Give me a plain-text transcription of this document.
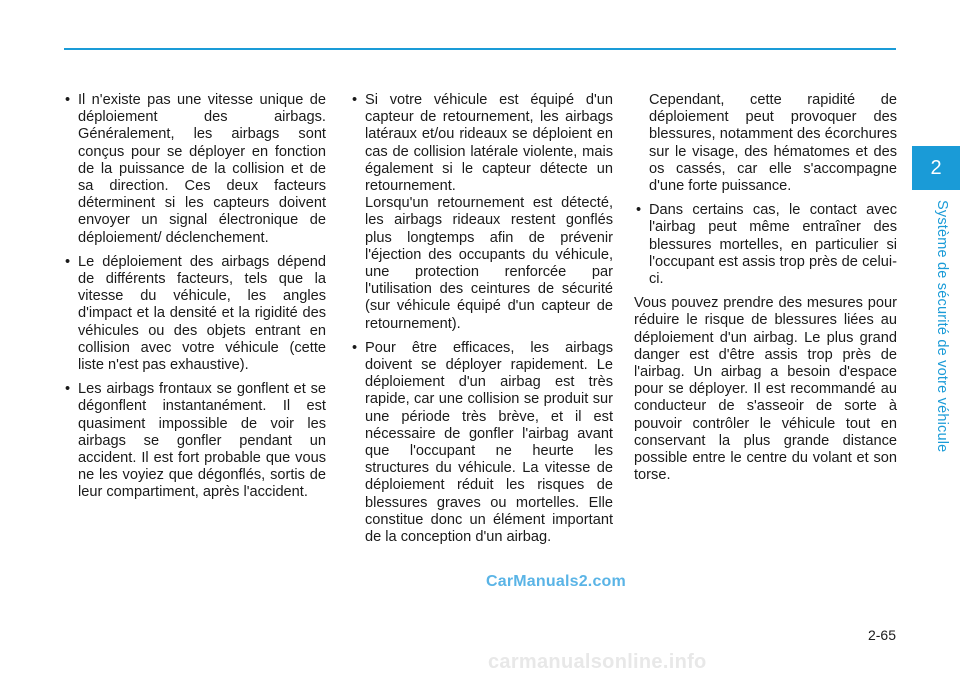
2
Système de sécurité de votre véhicule
• Il n'existe pas une vitesse unique de déploiement des airbags. Généralement, les airbags sont conçus pour se déployer en fonction de la puissance de la collision et de sa direction. Ces deux facteurs déterminent si les capteurs doivent envoyer un signal électronique de déploiement/ déclenchement.
• Le déploiement des airbags dépend de différents facteurs, tels que la vitesse du véhicule, les angles d'impact et la densité et la rigidité des véhicules ou des objets entrant en collision avec votre véhicule (cette liste n'est pas exhaustive).
• Les airbags frontaux se gonflent et se dégonflent instantanément. Il est quasiment impossible de voir les airbags se gonfler pendant un accident. Il est fort probable que vous ne les voyiez que dégonflés, sortis de leur compartiment, après l'accident.
• Si votre véhicule est équipé d'un capteur de retournement, les airbags latéraux et/ou rideaux se déploient en cas de collision latérale violente, mais également si le capteur détecte un retournement.
Lorsqu'un retournement est détecté, les airbags rideaux restent gonflés plus longtemps afin de prévenir l'éjection des occupants du véhicule, une protection renforcée par l'utilisation des ceintures de sécurité (sur véhicule équipé d'un capteur de retournement).
• Pour être efficaces, les airbags doivent se déployer rapidement. Le déploiement d'un airbag est très rapide, car une collision se produit sur une période très brève, et il est nécessaire de gonfler l'airbag avant que l'occupant ne heurte les structures du véhicule. La vitesse de déploiement réduit les risques de blessures graves ou mortelles. Elle constitue donc un élément important de la conception d'un airbag.

Cependant, cette rapidité de déploiement peut provoquer des blessures, notamment des écorchures sur le visage, des hématomes et des os cassés, car elle s'accompagne d'une forte puissance.

• Dans certains cas, le contact avec l'airbag peut même entraîner des blessures mortelles, en particulier si l'occupant est assis trop près de celui-ci.

Vous pouvez prendre des mesures pour réduire le risque de blessures liées au déploiement d'un airbag. Le plus grand danger est d'être assis trop près de l'airbag. Un airbag a besoin d'espace pour se déployer. Il est recommandé au conducteur de s'asseoir de sorte à pouvoir contrôler le véhicule tout en conservant la plus grande distance possible entre le centre du volant et son torse.

CarManuals2.com
2-65
carmanualsonline.info
